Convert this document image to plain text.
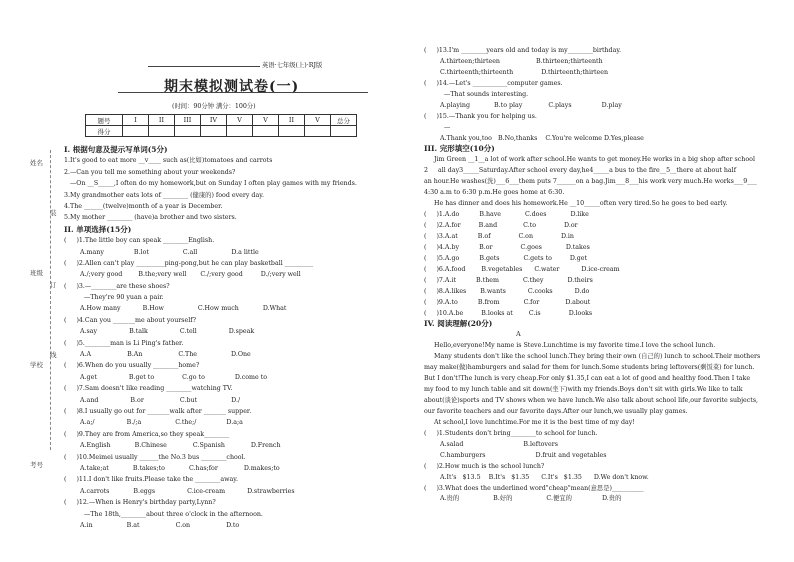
姓名
装
班级
订
线
学校
考号
英语·七年级(上)·RJ版
期末模拟测试卷(一)
(时间：90分钟 满分：100分)
题号	I	II	III	IV	V	V	II	V	总分
得分									
I. 根据句意及提示写单词(5分)
1.It's good to eat more __v____ such as(比如)tomatoes and carrots
2.—Can you tell me something about your weekends?
—On __S_____,I often do my homework,but on Sunday I often play games with my friends.
3.My grandmother eats lots of ________ (健康的) food every day.
4.The ______(twelve)month of a year is December.
5.My mother ________ (have)a brother and two sisters.
II. 单项选择(15分)
(     )1.The little boy can speak ________English.
A.many               B.lot                 C.all                 D.a little
(     )2.Allen can't play _________ping-pong,but he can play basketball _________
A./;very good        B.the;very well       C./;very good         D./;very well
(     )3.—________are these shoes?
—They're 90 yuan a pair.
A.How many           B.How                 C.How much            D.What
(     )4.Can you _______me about yourself?
A.say                B.talk                C.tell                D.speak
(     )5.________man is Li Ping's father.
A.A                  B.An                  C.The                 D.One
(     )6.When do you usually ________home?
A.get                B.get to              C.go to               D.come to
(     )7.Sam doesn't like reading ________watching TV.
A.and                B.or                  C.but                 D./
(     )8.I usually go out for _______walk after _______ supper.
A.a;/                B./;a                 C.the;/               D.a;a
(     )9.They are from America,so they speak________
A.English            B.Chinese             C.Spanish             D.French
(     )10.Meimei usually ______the No.3 bus ________chool.
A.take;at            B.takes;to            C.has;for             D.makes;to
(     )11.I don't like fruits.Please take the ________away.
A.carrots            B.eggs                C.ice-cream           D.strawberries
(     )12.—When is Henry's birthday party,Lynn?
—The 18th,________about three o'clock in the afternoon.
A.in                 B.at                  C.on                  D.to
(     )13.I'm ________years old and today is my________birthday.
A.thirteen;thirteen                  B.thirteen;thirteenth
C.thirteenth;thirteenth              D.thirteenth;thirteen
(     )14.—Let's ___________computer games.
—That sounds interesting.
A.playing            B.to play             C.plays               D.play
(     )15.—Thank you for helping us.
—
A.Thank you,too   B.No,thanks    C.You're welcome D.Yes,please
III. 完形填空(10分)
Jim Green __1__a lot of work after school.He wants to get money.He works in a big shop after school
2     all day3_____Saturday.After school every day,he4_____a bus to the fire__5__there at about half
an hour.He washes(洗)___6___them puts 7______on a bag.Jim___8___his work very much.He works___9___
4:30 a.m to 6:30 p.m.He goes home at 6:30.
He has dinner and does his homework.He __10_____often very tired.So he goes to bed early.
(     )1.A.do          B.have            C.does            D.like
(     )2.A.for         B.and             C.to              D.or
(     )3.A.at          B.of              C.on              D.in
(     )4.A.by          B.or              C.goes            D.takes
(     )5.A.go          B.gets            C.gets to         D.get
(     )6.A.food        B.vegetables      C.water           D.ice-cream
(     )7.A.it          B.them            C.they            D.theirs
(     )8.A.likes       B.wants           C.cooks           D.do
(     )9.A.to          B.from            C.for             D.about
(     )10.A.be         B.looks at        C.is              D.looks
IV. 阅读理解(20分)
A
Hello,everyone!My name is Steve.Lunchtime is my favorite time.I love the school lunch.
Many students don't like the school lunch.They bring their own (自己的) lunch to school.Their mothers
may make(做)hamburgers and salad for them for lunch.Some students bring leftovers(剩饭菜) for lunch.
But I don't!The lunch is very cheap.For only $1.35,I can eat a lot of good and healthy food.Then I take
my food to my lunch table and sit down(坐下)with my friends.Boys don't sit with girls.We like to talk
about(谈论)sports and TV shows when we have lunch.We also talk about school life,our favorite subjects,
our favorite teachers and our favorite days.After our lunch,we usually play games.
At school,I love lunchtime.For me it is the best time of my day!
(     )1.Students don't bring________to school for lunch.
A.salad                              B.leftovers
C.hamburgers                         D.fruit and vegetables
(     )2.How much is the school lunch?
A.It's   $13.5    B.It's   $1.35      C.It's   $1.35      D.We don't know.
(     )3.What does the underlined word"cheap"mean(意思是)__________
A.贵的                 B.好的                 C.便宜的               D.贵的
